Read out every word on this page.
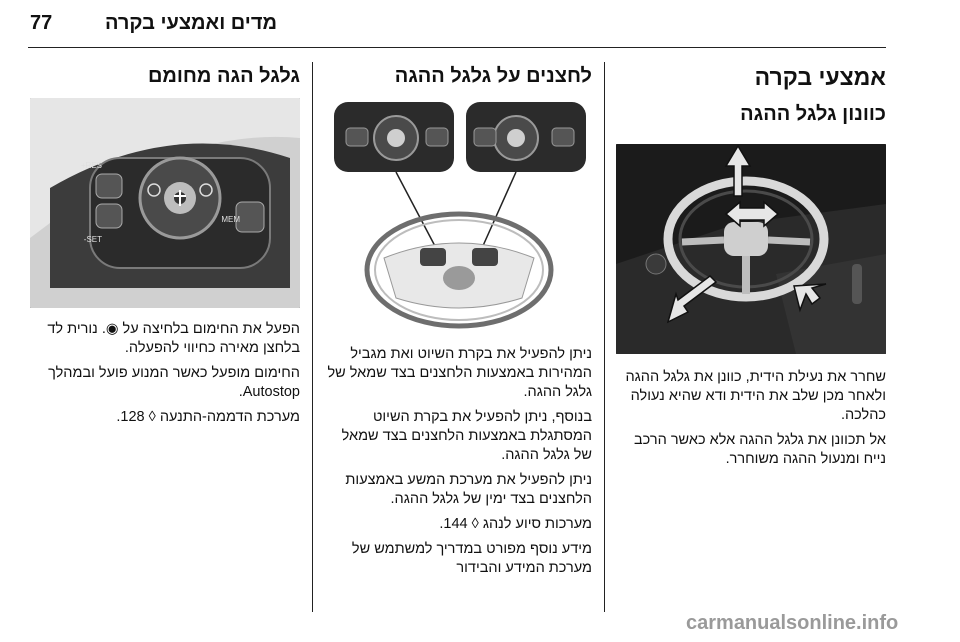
77	מדים ואמצעי בקרה
אמצעי בקרה
כוונון גלגל ההגה

שחרר את נעילת הידית, כוונן את גלגל ההגה ולאחר מכן שלב את הידית ודא שהיא נעולה כהלכה.

אל תכוונן את גלגל ההגה אלא כאשר הרכב נייח ומנעול ההגה משוחרר.

לחצנים על גלגל ההגה

ניתן להפעיל את בקרת השיוט ואת מגביל המהירות באמצעות הלחצנים בצד שמאל של גלגל ההגה.

בנוסף, ניתן להפעיל את בקרת השיוט המסתגלת באמצעות הלחצנים בצד שמאל של גלגל ההגה.

ניתן להפעיל את מערכת המשע באמצעות הלחצנים בצד ימין של גלגל ההגה.

מערכות סיוע לנהג ◊ 144.

מידע נוסף מפורט במדריך למשתמש של מערכת המידע והבידור

גלגל הגה מחומם
RES+
SET-
MEM

הפעל את החימום בלחיצה על ◉. נורית לד בלחצן מאירה כחיווי להפעלה.

החימום מופעל כאשר המנוע פועל ובמהלך Autostop.

מערכת הדממה-התנעה ◊ 128.

carmanualsonline.info
